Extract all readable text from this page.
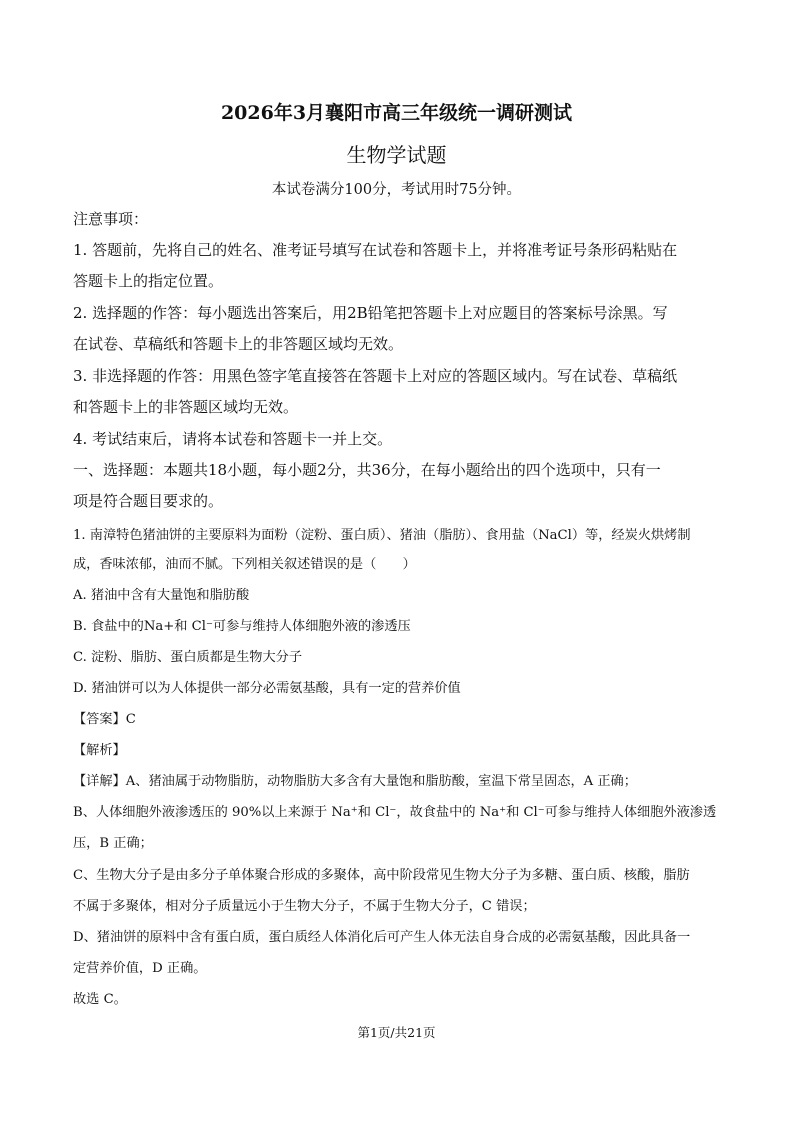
2026年3月襄阳市高三年级统一调研测试
生物学试题
本试卷满分100分，考试用时75分钟。
注意事项：
1. 答题前，先将自己的姓名、准考证号填写在试卷和答题卡上，并将准考证号条形码粘贴在
答题卡上的指定位置。
2. 选择题的作答：每小题选出答案后，用2B铅笔把答题卡上对应题目的答案标号涂黑。写
在试卷、草稿纸和答题卡上的非答题区域均无效。
3. 非选择题的作答：用黑色签字笔直接答在答题卡上对应的答题区域内。写在试卷、草稿纸
和答题卡上的非答题区域均无效。
4. 考试结束后，请将本试卷和答题卡一并上交。
一、选择题：本题共18小题，每小题2分，共36分，在每小题给出的四个选项中，只有一
项是符合题目要求的。
1. 南漳特色猪油饼的主要原料为面粉（淀粉、蛋白质）、猪油（脂肪）、食用盐（NaCl）等，经炭火烘烤制
成，香味浓郁，油而不腻。下列相关叙述错误的是（　　）
A. 猪油中含有大量饱和脂肪酸
B. 食盐中的Na+和 Cl⁻可参与维持人体细胞外液的渗透压
C. 淀粉、脂肪、蛋白质都是生物大分子
D. 猪油饼可以为人体提供一部分必需氨基酸，具有一定的营养价值
【答案】C
【解析】
【详解】A、猪油属于动物脂肪，动物脂肪大多含有大量饱和脂肪酸，室温下常呈固态，A 正确；
B、人体细胞外液渗透压的 90%以上来源于 Na⁺和 Cl⁻，故食盐中的 Na⁺和 Cl⁻可参与维持人体细胞外液渗透
压，B 正确；
C、生物大分子是由多分子单体聚合形成的多聚体，高中阶段常见生物大分子为多糖、蛋白质、核酸，脂肪
不属于多聚体，相对分子质量远小于生物大分子，不属于生物大分子，C 错误；
D、猪油饼的原料中含有蛋白质，蛋白质经人体消化后可产生人体无法自身合成的必需氨基酸，因此具备一
定营养价值，D 正确。
故选 C。
第1页/共21页
